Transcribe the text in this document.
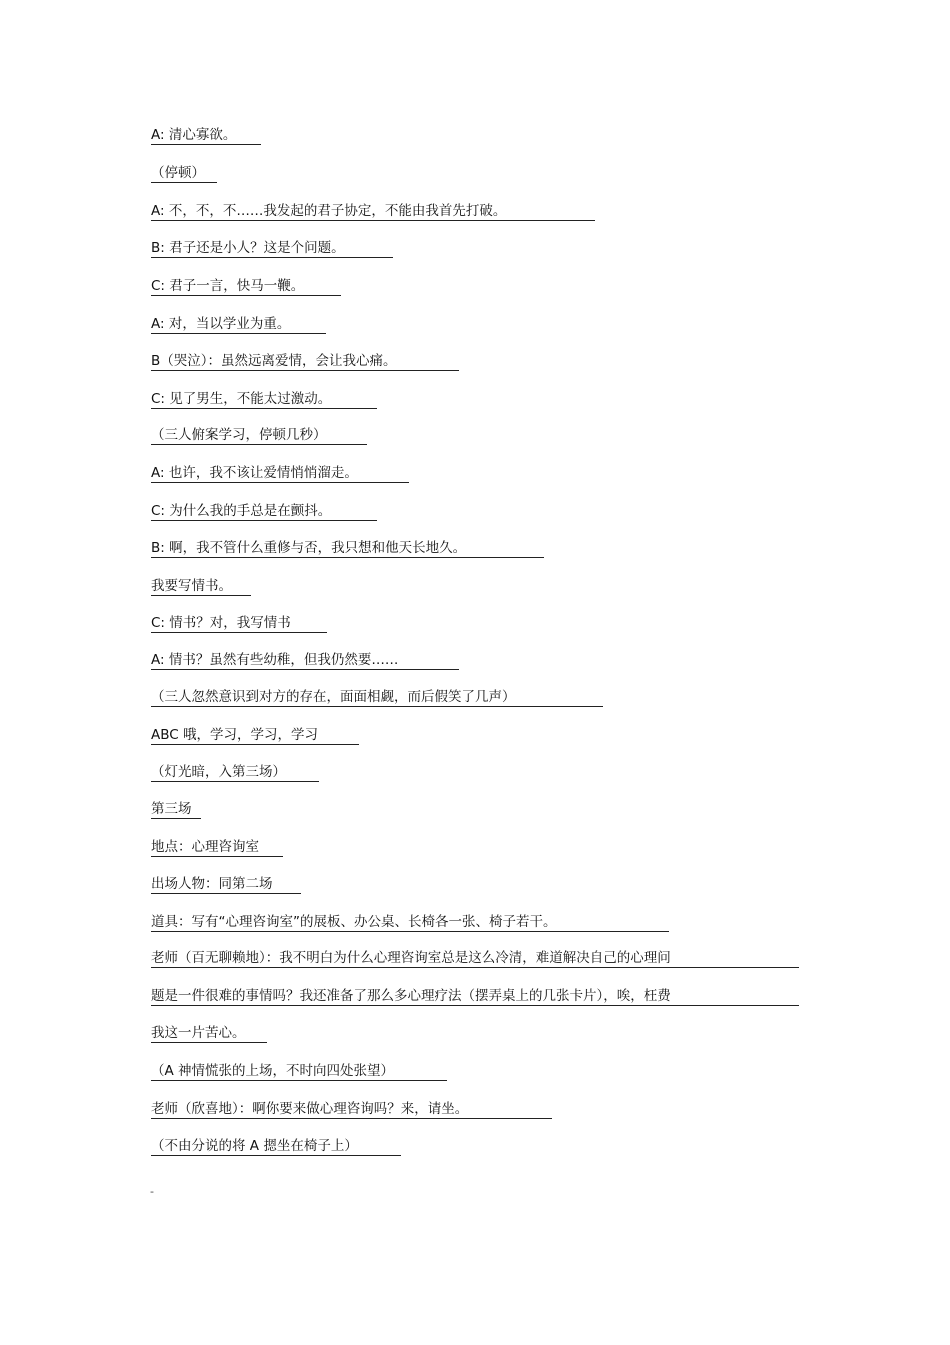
A: 清心寡欲。
（停顿）
A: 不，不，不……我发起的君子协定，不能由我首先打破。
B: 君子还是小人？这是个问题。
C: 君子一言，快马一鞭。
A: 对，当以学业为重。
B（哭泣）：虽然远离爱情，会让我心痛。
C: 见了男生，不能太过激动。
（三人俯案学习，停顿几秒）
A: 也许，我不该让爱情悄悄溜走。
C: 为什么我的手总是在颤抖。
B: 啊，我不管什么重修与否，我只想和他天长地久。
我要写情书。
C: 情书？对，我写情书
A: 情书？虽然有些幼稚，但我仍然要……
（三人忽然意识到对方的存在，面面相觑，而后假笑了几声）
ABC 哦，学习，学习，学习
（灯光暗，入第三场）
第三场
地点：心理咨询室
出场人物：同第二场
道具：写有“心理咨询室”的展板、办公桌、长椅各一张、椅子若干。
老师（百无聊赖地）：我不明白为什么心理咨询室总是这么冷清，难道解决自己的心理问
题是一件很难的事情吗？我还准备了那么多心理疗法（摆弄桌上的几张卡片），唉，枉费
我这一片苦心。
（A 神情慌张的上场，不时向四处张望）
老师（欣喜地）：啊你要来做心理咨询吗？来，请坐。
（不由分说的将 A 摁坐在椅子上）
-
